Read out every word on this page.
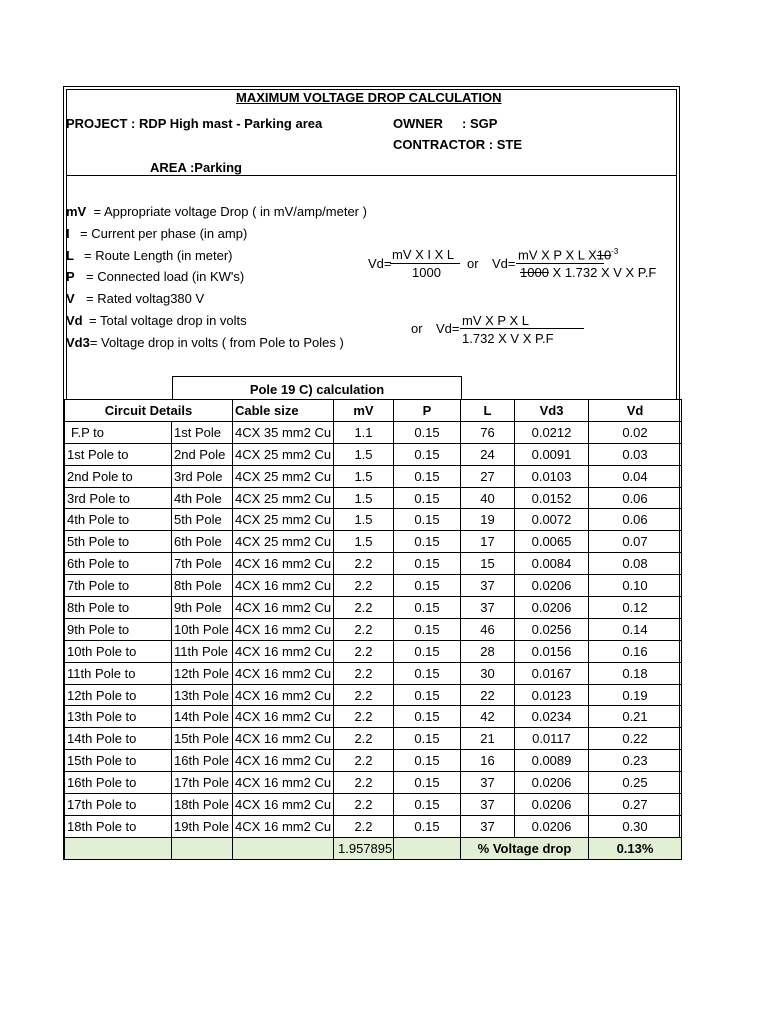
MAXIMUM VOLTAGE DROP CALCULATION
PROJECT : RDP High mast - Parking area	OWNER : SGP
CONTRACTOR : STE
AREA :Parking
mV = Appropriate voltage Drop ( in mV/amp/meter )
I = Current per phase (in amp)
L = Route Length (in meter)
P = Connected load (in KW's)
V = Rated voltag380 V
Vd = Total voltage drop in volts
Vd3= Voltage drop in volts ( from Pole to Poles )
Vd=
mV X I X L
1000
or Vd=
mV X P X L $X10^{-3}$
1000 X 1.732 X V X P.F
or Vd=
mV X P X L
1.732 X V X P.F
Pole 19 C) calculation
Circuit Details		Cable size	mV	P	L	Vd3	Vd
F.P to	1st Pole	4CX 35 mm2 Cu	1.1	0.15	76	0.0212	0.02
1st Pole to	2nd Pole	4CX 25 mm2 Cu	1.5	0.15	24	0.0091	0.03
2nd Pole to	3rd Pole	4CX 25 mm2 Cu	1.5	0.15	27	0.0103	0.04
3rd Pole to	4th Pole	4CX 25 mm2 Cu	1.5	0.15	40	0.0152	0.06
4th Pole to	5th Pole	4CX 25 mm2 Cu	1.5	0.15	19	0.0072	0.06
5th Pole to	6th Pole	4CX 25 mm2 Cu	1.5	0.15	17	0.0065	0.07
6th Pole to	7th Pole	4CX 16 mm2 Cu	2.2	0.15	15	0.0084	0.08
7th Pole to	8th Pole	4CX 16 mm2 Cu	2.2	0.15	37	0.0206	0.10
8th Pole to	9th Pole	4CX 16 mm2 Cu	2.2	0.15	37	0.0206	0.12
9th Pole to	10th Pole	4CX 16 mm2 Cu	2.2	0.15	46	0.0256	0.14
10th Pole to	11th Pole	4CX 16 mm2 Cu	2.2	0.15	28	0.0156	0.16
11th Pole to	12th Pole	4CX 16 mm2 Cu	2.2	0.15	30	0.0167	0.18
12th Pole to	13th Pole	4CX 16 mm2 Cu	2.2	0.15	22	0.0123	0.19
13th Pole to	14th Pole	4CX 16 mm2 Cu	2.2	0.15	42	0.0234	0.21
14th Pole to	15th Pole	4CX 16 mm2 Cu	2.2	0.15	21	0.0117	0.22
15th Pole to	16th Pole	4CX 16 mm2 Cu	2.2	0.15	16	0.0089	0.23
16th Pole to	17th Pole	4CX 16 mm2 Cu	2.2	0.15	37	0.0206	0.25
17th Pole to	18th Pole	4CX 16 mm2 Cu	2.2	0.15	37	0.0206	0.27
18th Pole to	19th Pole	4CX 16 mm2 Cu	2.2	0.15	37	0.0206	0.30
			1.957895		% Voltage drop		0.13%
